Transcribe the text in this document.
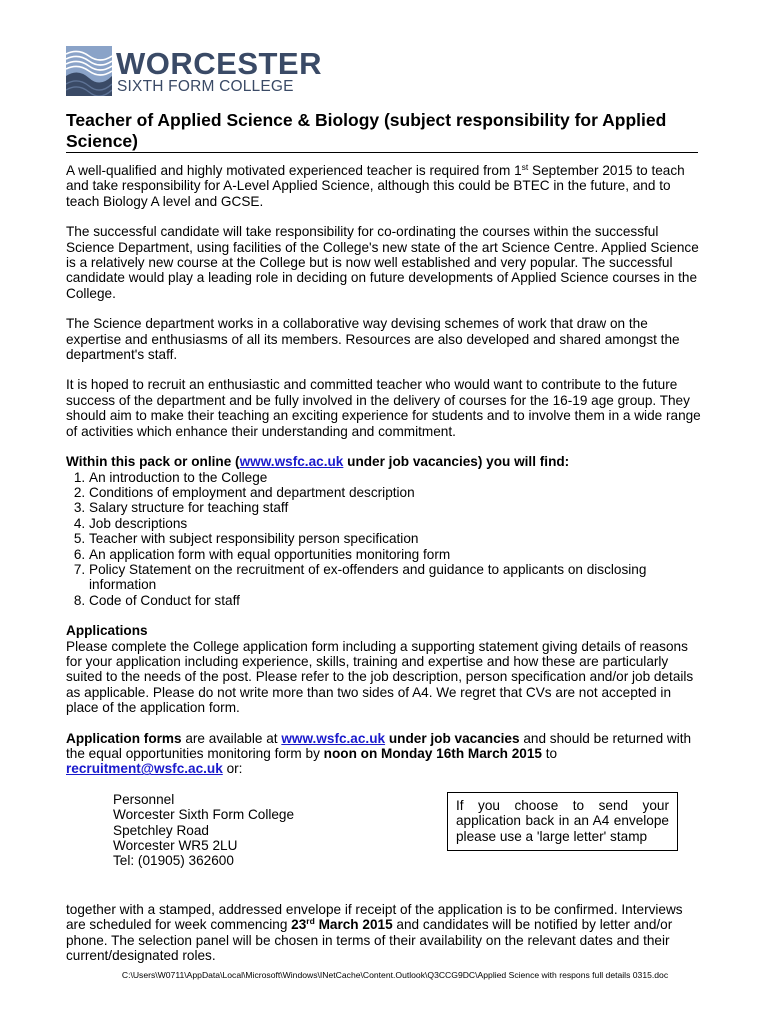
WORCESTER
SIXTH FORM COLLEGE
Teacher of Applied Science & Biology (subject responsibility for Applied Science)

A well-qualified and highly motivated experienced teacher is required from 1st September 2015 to teach and take responsibility for A-Level Applied Science, although this could be BTEC in the future, and to teach Biology A level and GCSE.

The successful candidate will take responsibility for co-ordinating the courses within the successful Science Department, using facilities of the College's new state of the art Science Centre. Applied Science is a relatively new course at the College but is now well established and very popular. The successful candidate would play a leading role in deciding on future developments of Applied Science courses in the College.

The Science department works in a collaborative way devising schemes of work that draw on the expertise and enthusiasms of all its members. Resources are also developed and shared amongst the department's staff.

It is hoped to recruit an enthusiastic and committed teacher who would want to contribute to the future success of the department and be fully involved in the delivery of courses for the 16-19 age group. They should aim to make their teaching an exciting experience for students and to involve them in a wide range of activities which enhance their understanding and commitment.

Within this pack or online (www.wsfc.ac.uk under job vacancies) you will find:
1. An introduction to the College
2. Conditions of employment and department description
3. Salary structure for teaching staff
4. Job descriptions
5. Teacher with subject responsibility person specification
6. An application form with equal opportunities monitoring form
7. Policy Statement on the recruitment of ex-offenders and guidance to applicants on disclosing information
8. Code of Conduct for staff
Applications

Please complete the College application form including a supporting statement giving details of reasons for your application including experience, skills, training and expertise and how these are particularly suited to the needs of the post. Please refer to the job description, person specification and/or job details as applicable. Please do not write more than two sides of A4. We regret that CVs are not accepted in place of the application form.

Application forms are available at www.wsfc.ac.uk under job vacancies and should be returned with the equal opportunities monitoring form by noon on Monday 16th March 2015 to recruitment@wsfc.ac.uk or:

Personnel
Worcester Sixth Form College
Spetchley Road
Worcester WR5 2LU
Tel: (01905) 362600
If you choose to send your application back in an A4 envelope please use a 'large letter' stamp

together with a stamped, addressed envelope if receipt of the application is to be confirmed. Interviews are scheduled for week commencing 23rd March 2015 and candidates will be notified by letter and/or phone. The selection panel will be chosen in terms of their availability on the relevant dates and their current/designated roles.

C:\Users\W0711\AppData\Local\Microsoft\Windows\INetCache\Content.Outlook\Q3CCG9DC\Applied Science with respons full details 0315.doc
